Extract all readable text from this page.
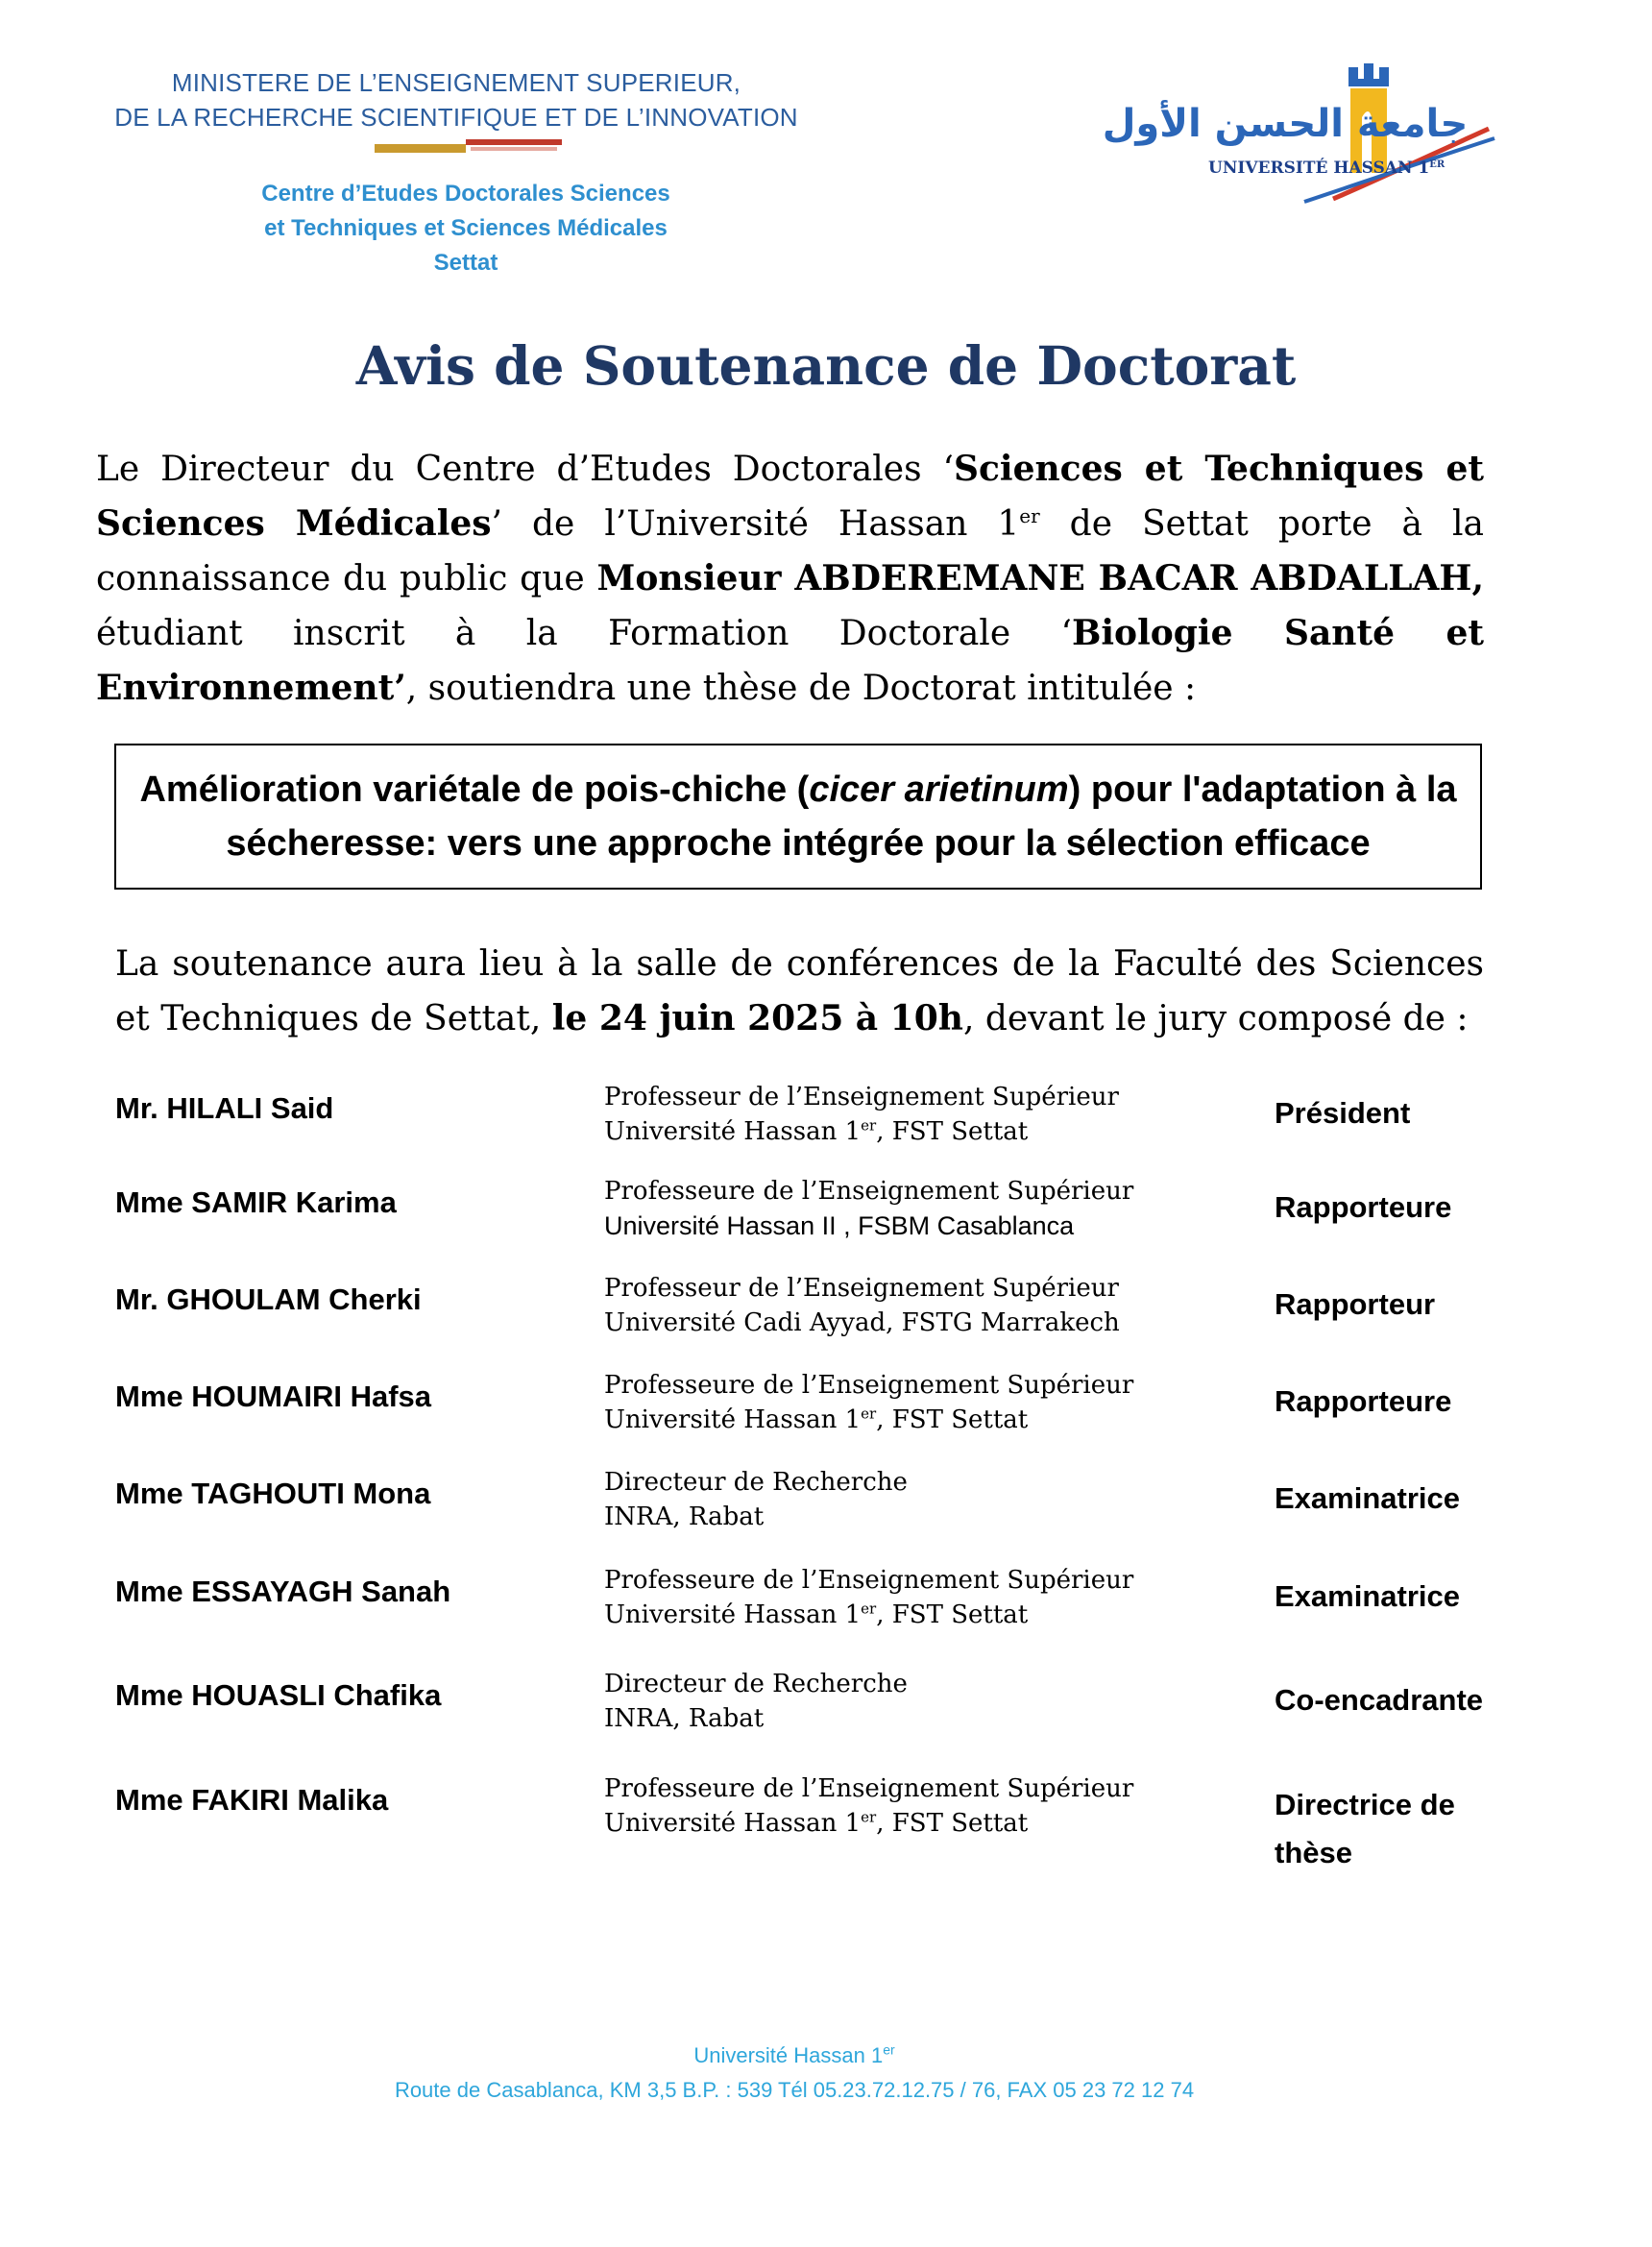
MINISTERE DE L’ENSEIGNEMENT SUPERIEUR,
DE LA RECHERCHE SCIENTIFIQUE ET DE L’INNOVATION
Centre d’Etudes Doctorales Sciences
et Techniques et Sciences Médicales
Settat
جامعة الحسن الأول
UNIVERSITÉ HASSAN 1ER
Avis de Soutenance de Doctorat
Le Directeur du Centre d’Etudes Doctorales ‘Sciences et Techniques et Sciences Médicales’ de l’Université Hassan 1er de Settat porte à la connaissance du public que Monsieur ABDEREMANE BACAR ABDALLAH, étudiant inscrit à la Formation Doctorale ‘Biologie Santé et Environnement’, soutiendra une thèse de Doctorat intitulée :
Amélioration variétale de pois-chiche (cicer arietinum) pour l'adaptation à la sécheresse: vers une approche intégrée pour la sélection efficace
La soutenance aura lieu à la salle de conférences de la Faculté des Sciences et Techniques de Settat, le 24 juin 2025 à 10h, devant le jury composé de :
Mr. HILALI Said	Professeur de l’Enseignement Supérieur
Université Hassan 1er, FST Settat
Président
Mme SAMIR Karima	Professeure de l’Enseignement Supérieur
Université Hassan II , FSBM Casablanca
Rapporteure
Mr. GHOULAM Cherki	Professeur de l’Enseignement Supérieur
Université Cadi Ayyad, FSTG Marrakech
Rapporteur
Mme HOUMAIRI Hafsa	Professeure de l’Enseignement Supérieur
Université Hassan 1er, FST Settat
Rapporteure
Mme TAGHOUTI Mona	Directeur de Recherche
INRA, Rabat
Examinatrice
Mme ESSAYAGH Sanah	Professeure de l’Enseignement Supérieur
Université Hassan 1er, FST Settat
Examinatrice
Mme HOUASLI Chafika	Directeur de Recherche
INRA, Rabat
Co-encadrante
Mme FAKIRI Malika	Professeure de l’Enseignement Supérieur
Université Hassan 1er, FST Settat
Directrice de thèse
Université Hassan 1er
Route de Casablanca, KM 3,5 B.P. : 539 Tél 05.23.72.12.75 / 76, FAX 05 23 72 12 74
